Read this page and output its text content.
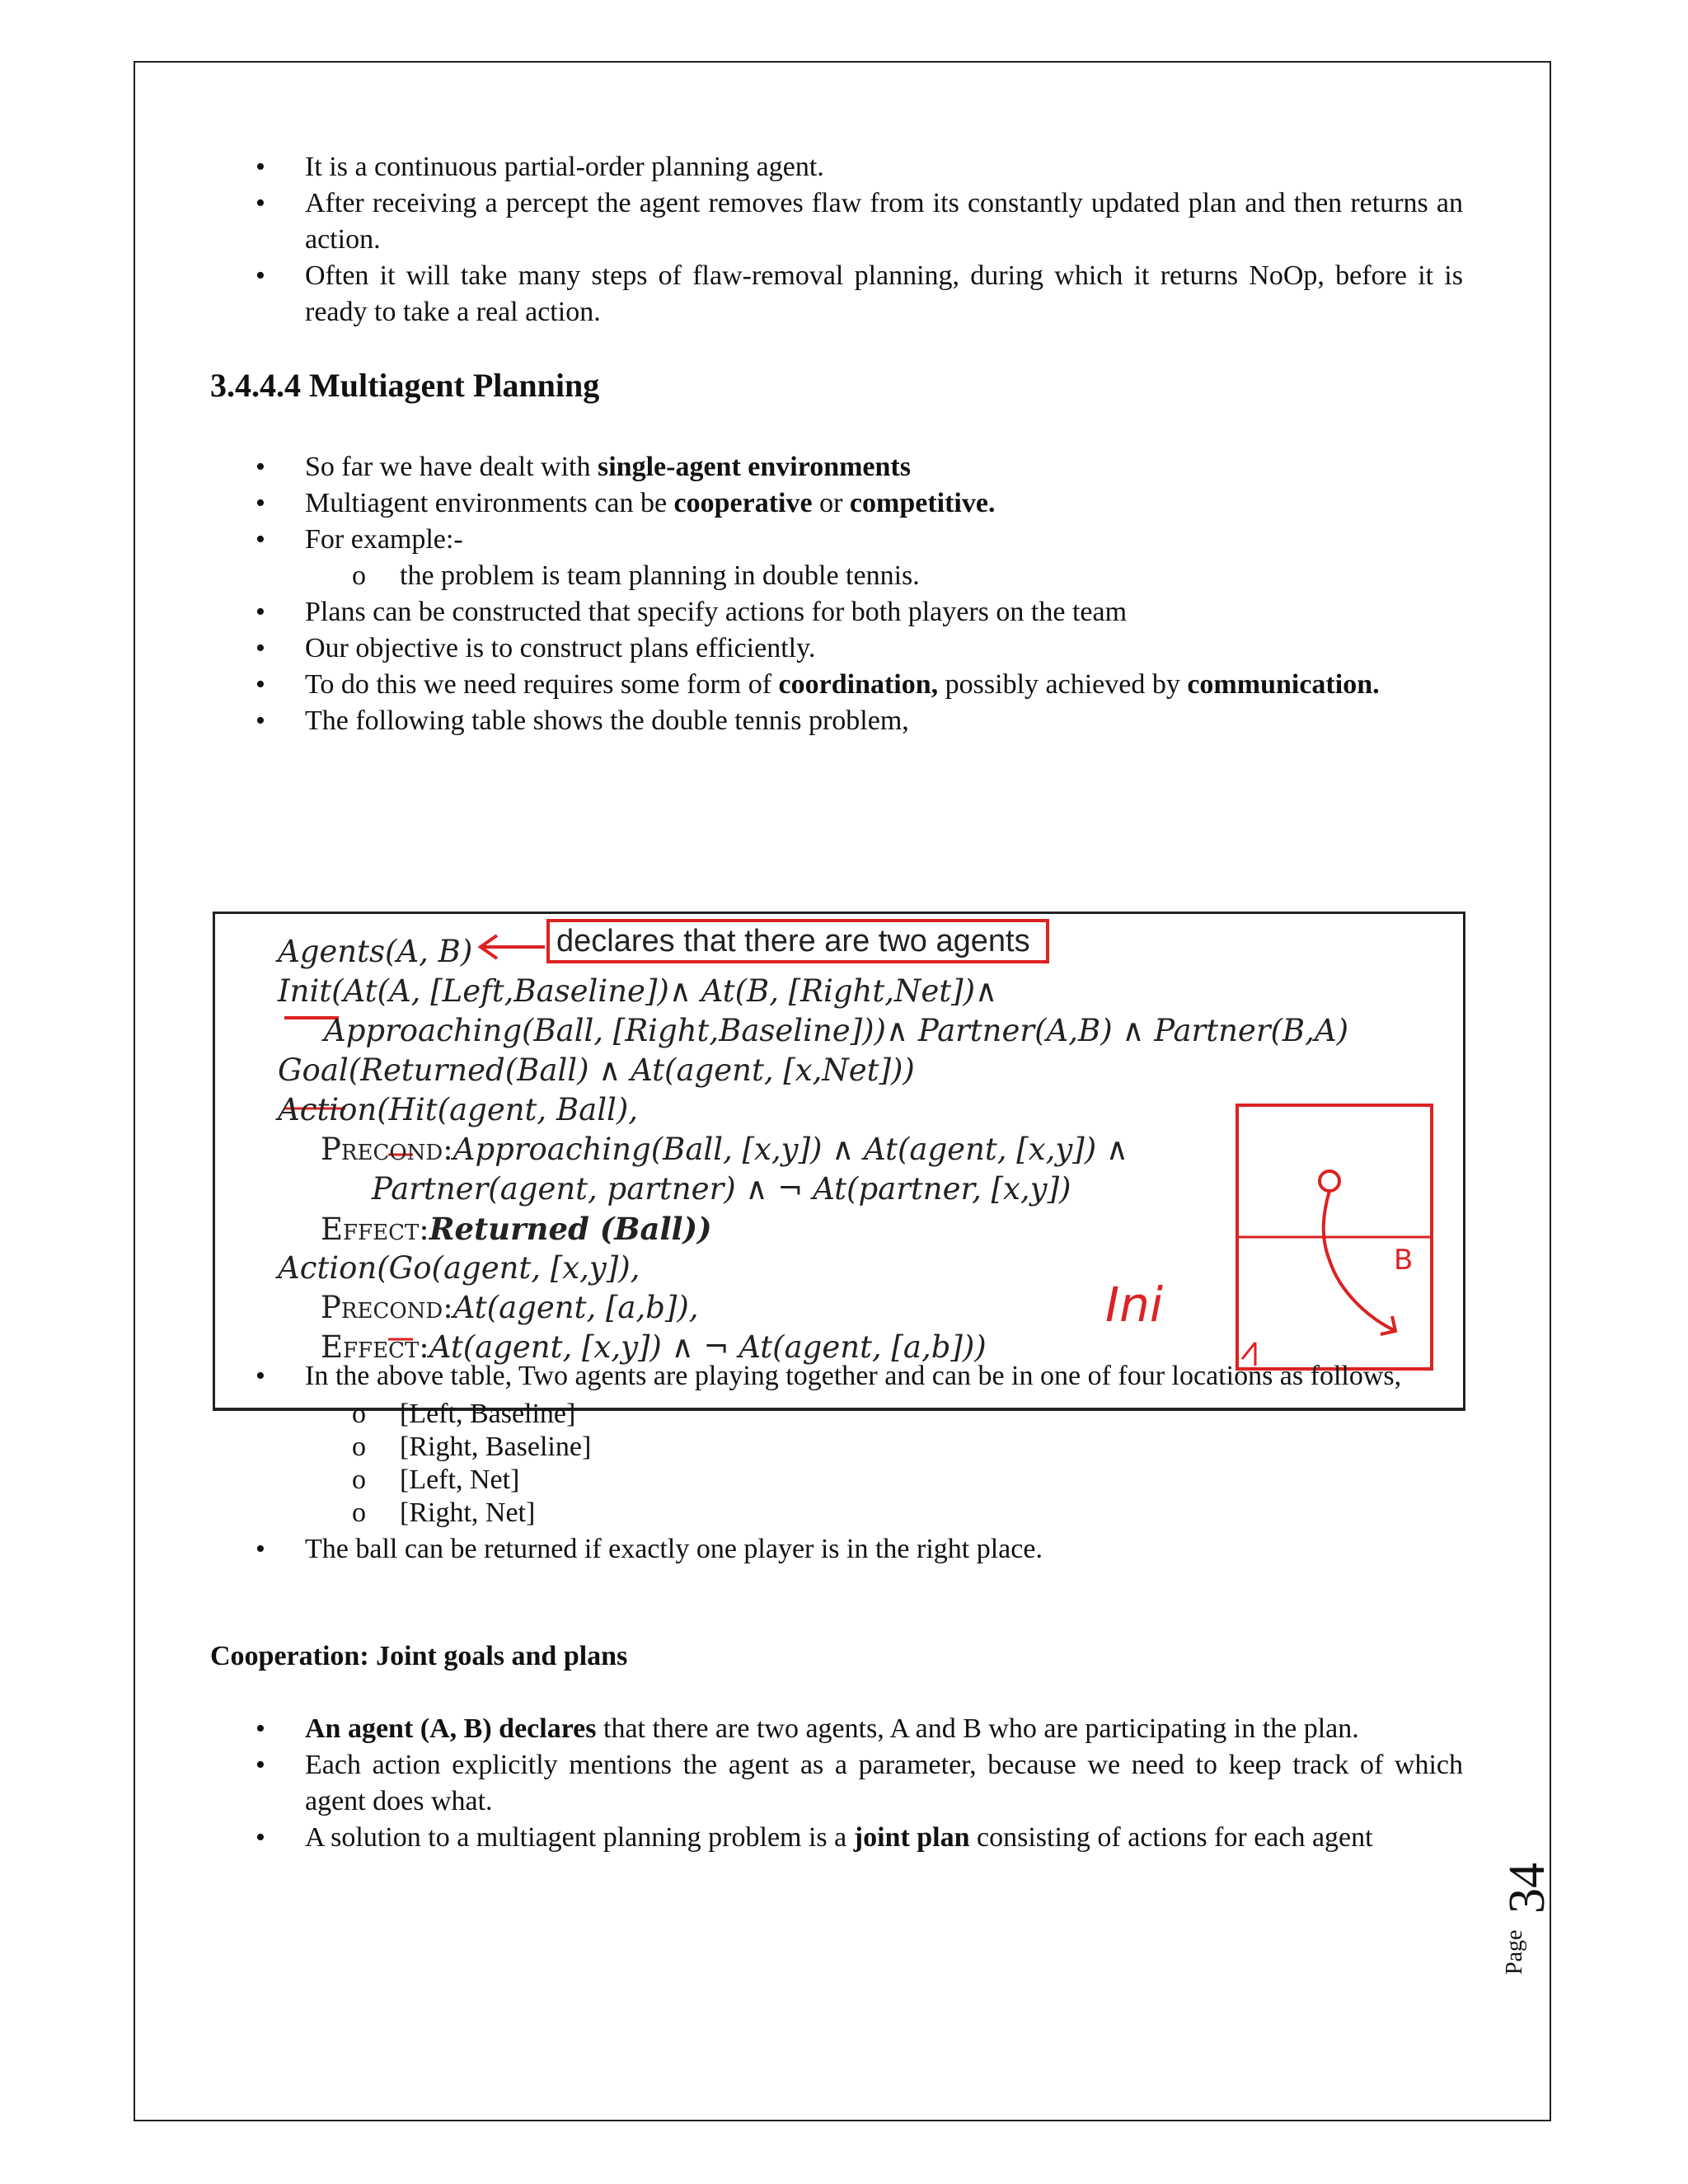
• It is a continuous partial-order planning agent.
• After receiving a percept the agent removes flaw from its constantly updated plan and then returns an action.
• Often it will take many steps of flaw-removal planning, during which it returns NoOp, before it is ready to take a real action.
3.4.4.4 Multiagent Planning
• So far we have dealt with single-agent environments
• Multiagent environments can be cooperative or competitive.
• For example:-
o the problem is team planning in double tennis.
• Plans can be constructed that specify actions for both players on the team
• Our objective is to construct plans efficiently.
• To do this we need requires some form of coordination, possibly achieved by communication.
• The following table shows the double tennis problem,
declares that there are two agents
Agents(A, B)
Init(At(A, [Left,Baseline])∧ At(B, [Right,Net])∧
Approaching(Ball, [Right,Baseline]))∧ Partner(A,B) ∧ Partner(B,A)
Goal(Returned(Ball) ∧ At(agent, [x,Net]))
Action(Hit(agent, Ball),
Precond:Approaching(Ball, [x,y]) ∧ At(agent, [x,y]) ∧
Partner(agent, partner) ∧ ¬ At(partner, [x,y])
Effect:Returned (Ball))
Action(Go(agent, [x,y]),
Precond:At(agent, [a,b]),
Effect:At(agent, [x,y]) ∧ ¬ At(agent, [a,b]))
B
Ini
• In the above table, Two agents are playing together and can be in one of four locations as follows,
o [Left, Baseline]
o [Right, Baseline]
o [Left, Net]
o [Right, Net]
• The ball can be returned if exactly one player is in the right place.
Cooperation: Joint goals and plans
• An agent (A, B) declares that there are two agents, A and B who are participating in the plan.
• Each action explicitly mentions the agent as a parameter, because we need to keep track of which agent does what.
• A solution to a multiagent planning problem is a joint plan consisting of actions for each agent
Page
34
